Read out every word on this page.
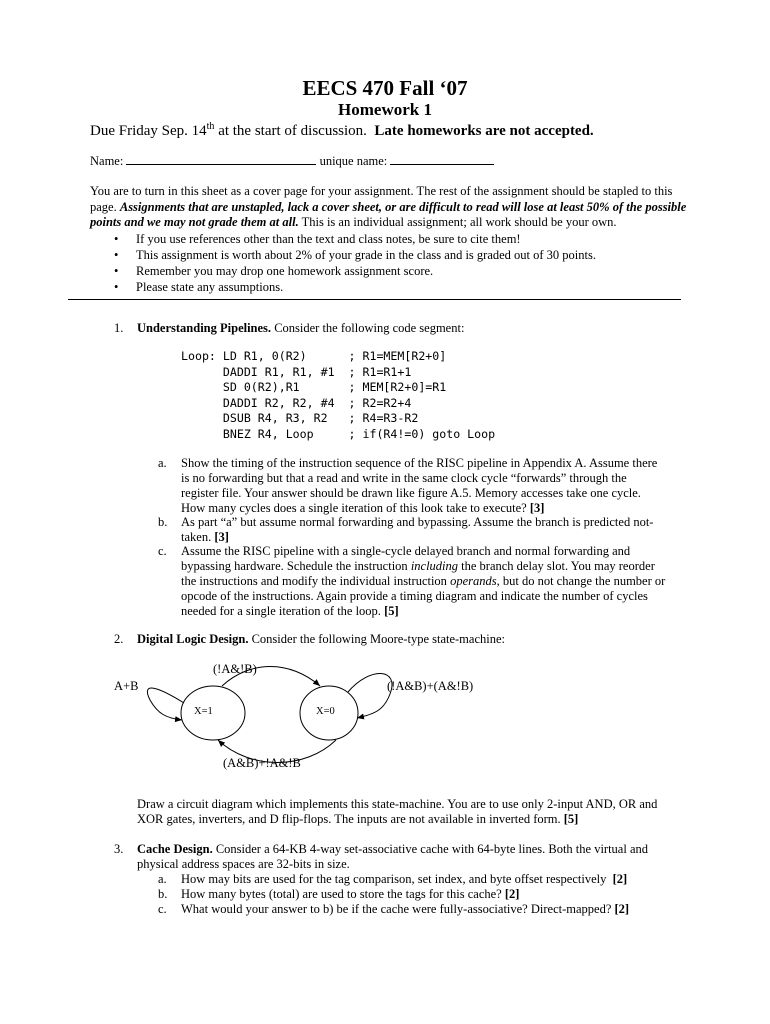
EECS 470 Fall ‘07
Homework 1
Due Friday Sep. 14th at the start of discussion. Late homeworks are not accepted.
Name:	unique name:
You are to turn in this sheet as a cover page for your assignment. The rest of the assignment should be stapled to this page. Assignments that are unstapled, lack a cover sheet, or are difficult to read will lose at least 50% of the possible points and we may not grade them at all. This is an individual assignment; all work should be your own.
• If you use references other than the text and class notes, be sure to cite them!
• This assignment is worth about 2% of your grade in the class and is graded out of 30 points.
• Remember you may drop one homework assignment score.
• Please state any assumptions.
1. Understanding Pipelines. Consider the following code segment:
Loop: LD R1, 0(R2)      ; R1=MEM[R2+0]
DADDI R1, R1, #1  ; R1=R1+1
SD 0(R2),R1       ; MEM[R2+0]=R1
DADDI R2, R2, #4  ; R2=R2+4
DSUB R4, R3, R2   ; R4=R3-R2
BNEZ R4, Loop     ; if(R4!=0) goto Loop
a. Show the timing of the instruction sequence of the RISC pipeline in Appendix A. Assume there is no forwarding but that a read and write in the same clock cycle “forwards” through the register file. Your answer should be drawn like figure A.5. Memory accesses take one cycle. How many cycles does a single iteration of this look take to execute? [3]
b. As part “a” but assume normal forwarding and bypassing. Assume the branch is predicted not-taken. [3]
c. Assume the RISC pipeline with a single-cycle delayed branch and normal forwarding and bypassing hardware. Schedule the instruction including the branch delay slot. You may reorder the instructions and modify the individual instruction operands, but do not change the number or opcode of the instructions. Again provide a timing diagram and indicate the number of cycles needed for a single iteration of the loop. [5]
2. Digital Logic Design. Consider the following Moore-type state-machine:
X=1	X=0
(!A&!B)
(A&B)+!A&!B
A+B	(!A&B)+(A&!B)
Draw a circuit diagram which implements this state-machine. You are to use only 2-input AND, OR and XOR gates, inverters, and D flip-flops. The inputs are not available in inverted form. [5]
3. Cache Design. Consider a 64-KB 4-way set-associative cache with 64-byte lines. Both the virtual and physical address spaces are 32-bits in size.
a. How may bits are used for the tag comparison, set index, and byte offset respectively [2]
b. How many bytes (total) are used to store the tags for this cache? [2]
c. What would your answer to b) be if the cache were fully-associative? Direct-mapped? [2]
